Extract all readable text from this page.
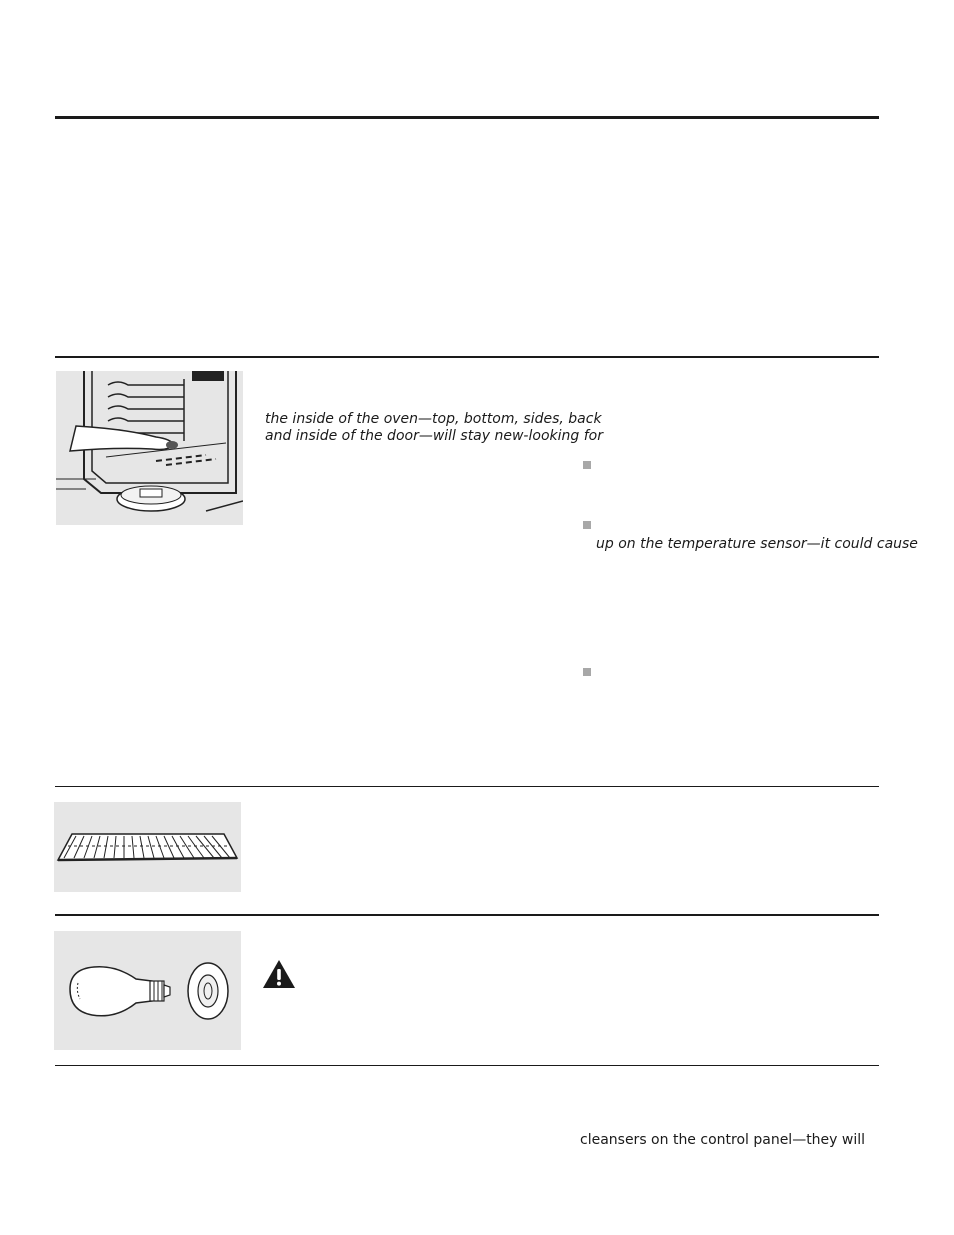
the inside of the oven—top, bottom, sides, back
and inside of the door—will stay new-looking for
up on the temperature sensor—it could cause
cleansers on the control panel—they will
